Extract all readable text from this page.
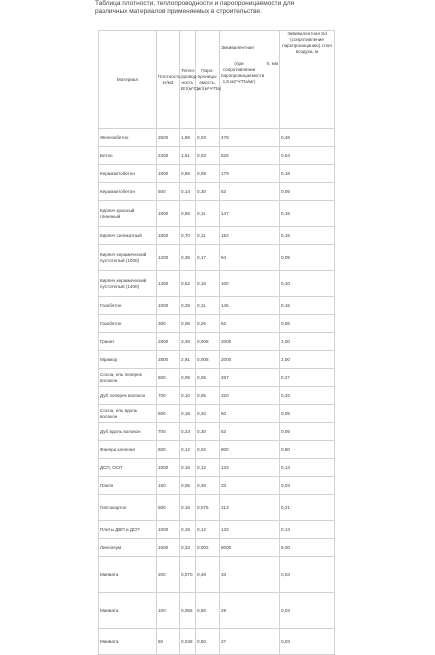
Таблица плотности, теплопроводности и паропроницаемости для
различных материалов применяемых в строительстве.
Материал	Плотность, кг/м3	Тепло-провод-ность Вт/(м*С)	Паро-проница-емость, мг/(м*ч*Па)	Эквивалентная
(при сопротивлении паропроницаемости 1,6 м2*ч*Па/мг)
h, мм	Эквивалентная Sd (сопротивление паропроницанию) слоя воздуха, м
Железобетон	2500	1,69	0,03	478	0,48
Бетон	2400	1,51	0,03	528	0,53
Керамзитобетон	1800	0,66	0,09	179	0,18
Керамзитобетон	500	0,14	0,30	53	0,05
Кирпич красный глиняный	1800	0,56	0,11	147	0,15
Кирпич силикатный	1800	0,70	0,11	152	0,15
Кирпич керамический пустотелый (1000)	1200	0,35	0,17	94	0,09
Кирпич керамический пустотелый (1400)	1400	0,52	0,16	100	0,10
Газобетон	1000	0,29	0,11	145	0,15
Газобетон	300	0,08	0,26	62	0,06
Гранит	2800	3,49	0,008	2000	2,00
Мрамор	2800	2,91	0,008	2000	2,00
Сосна, ель поперек волокон	500	0,09	0,06	267	0,27
Дуб поперек волокон	700	0,10	0,05	320	0,32
Сосна, ель вдоль волокон	500	0,18	0,32	50	0,05
Дуб вдоль волокон	700	0,23	0,30	53	0,05
Фанера клееная	600	0,12	0,02	800	0,80
ДСП, ОСП	1000	0,15	0,12	133	0,13
Пакля	150	0,05	0,49	33	0,03
Гипсокартон	800	0,15	0,075	213	0,21
Плиты ДВП и ДСП	1000	0,15	0,12	133	0,13
Линолеум	1600	0,33	0,002	8000	8,00
Минвата	200	0,070	0,49	33	0,03
Минвата	100	0,056	0,56	29	0,03
Минвата	50	0,048	0,60	27	0,03
